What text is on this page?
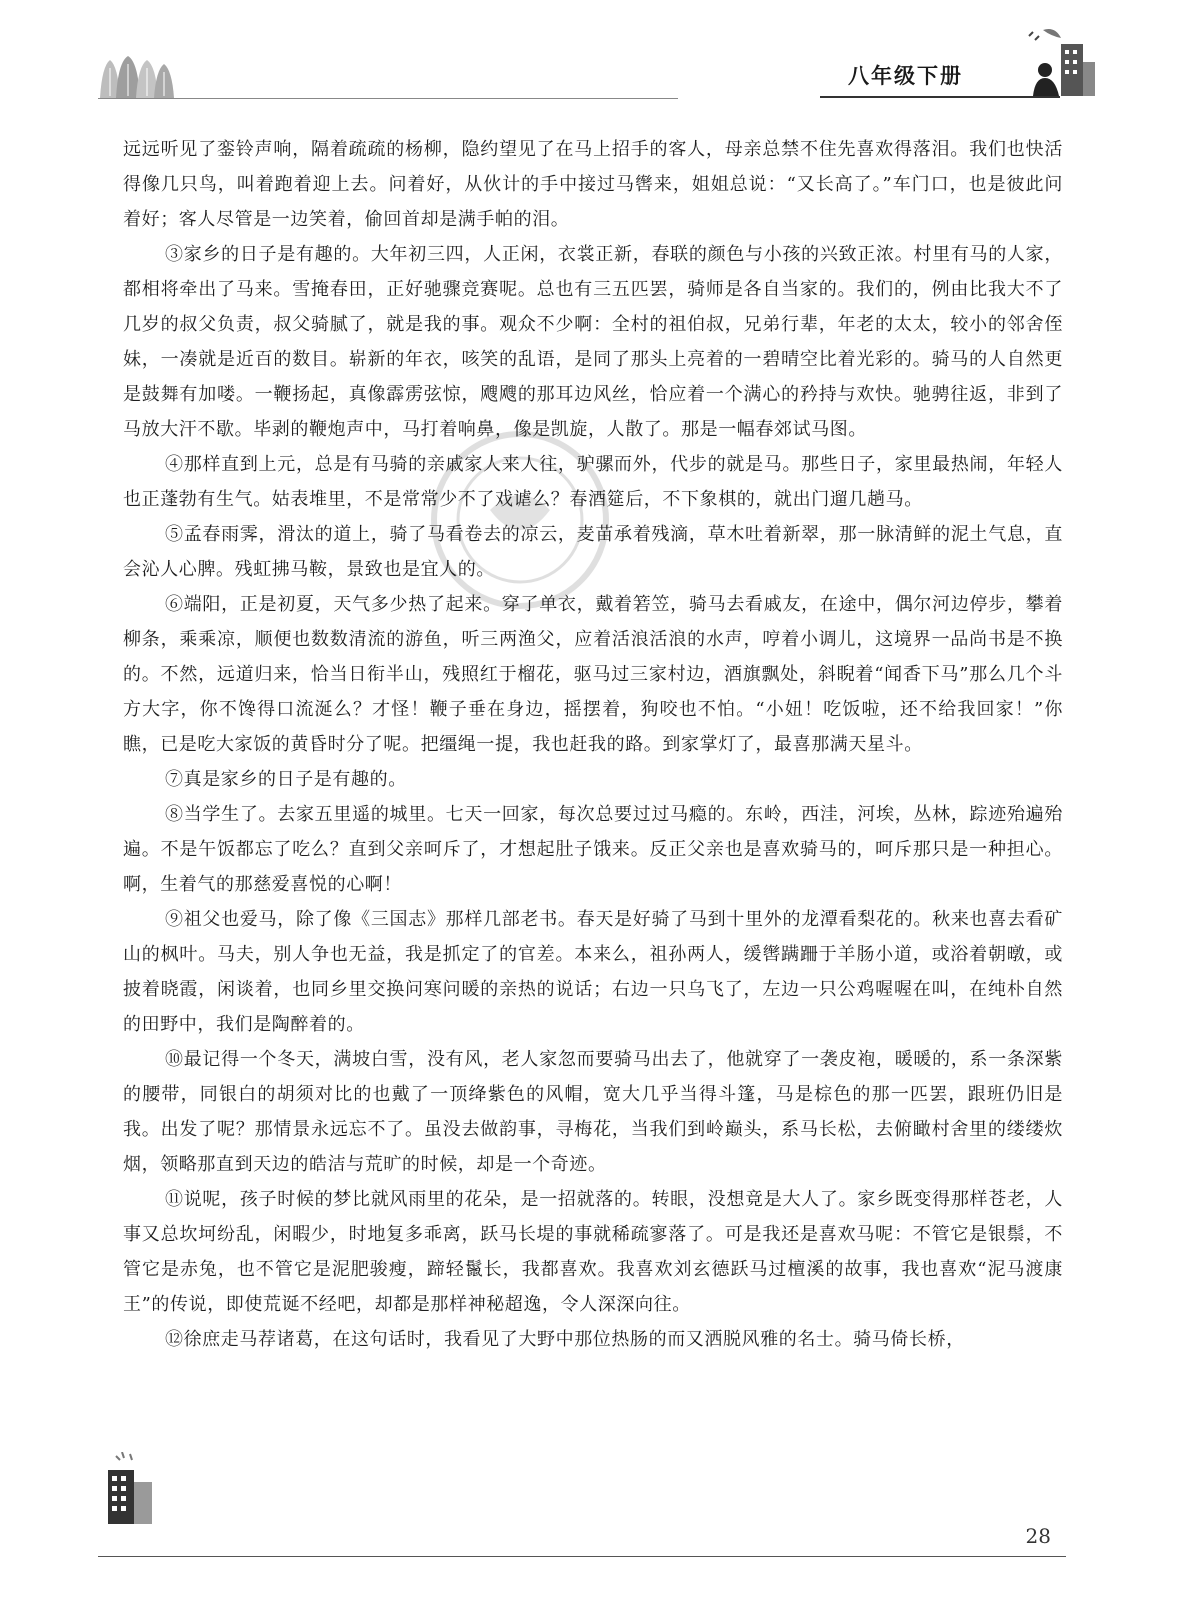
八年级下册

远远听见了銮铃声响，隔着疏疏的杨柳，隐约望见了在马上招手的客人，母亲总禁不住先喜欢得落泪。我们也快活得像几只鸟，叫着跑着迎上去。问着好，从伙计的手中接过马辔来，姐姐总说：“又长高了。”车门口，也是彼此问着好；客人尽管是一边笑着，偷回首却是满手帕的泪。

③家乡的日子是有趣的。大年初三四，人正闲，衣裳正新，春联的颜色与小孩的兴致正浓。村里有马的人家，都相将牵出了马来。雪掩春田，正好驰骤竞赛呢。总也有三五匹罢，骑师是各自当家的。我们的，例由比我大不了几岁的叔父负责，叔父骑腻了，就是我的事。观众不少啊：全村的祖伯叔，兄弟行辈，年老的太太，较小的邻舍侄妹，一凑就是近百的数目。崭新的年衣，咳笑的乱语，是同了那头上亮着的一碧晴空比着光彩的。骑马的人自然更是鼓舞有加喽。一鞭扬起，真像霹雳弦惊，飕飕的那耳边风丝，恰应着一个满心的矜持与欢快。驰骋往返，非到了马放大汗不歇。毕剥的鞭炮声中，马打着响鼻，像是凯旋，人散了。那是一幅春郊试马图。

④那样直到上元，总是有马骑的亲戚家人来人往，驴骡而外，代步的就是马。那些日子，家里最热闹，年轻人也正蓬勃有生气。姑表堆里，不是常常少不了戏谑么？春酒筵后，不下象棋的，就出门遛几趟马。

⑤孟春雨霁，滑汰的道上，骑了马看卷去的凉云，麦苗承着残滴，草木吐着新翠，那一脉清鲜的泥土气息，直会沁人心脾。残虹拂马鞍，景致也是宜人的。

⑥端阳，正是初夏，天气多少热了起来。穿了单衣，戴着箬笠，骑马去看戚友，在途中，偶尔河边停步，攀着柳条，乘乘凉，顺便也数数清流的游鱼，听三两渔父，应着活浪活浪的水声，哼着小调儿，这境界一品尚书是不换的。不然，远道归来，恰当日衔半山，残照红于榴花，驱马过三家村边，酒旗飘处，斜睨着“闻香下马”那么几个斗方大字，你不馋得口流涎么？才怪！鞭子垂在身边，摇摆着，狗咬也不怕。“小妞！吃饭啦，还不给我回家！”你瞧，已是吃大家饭的黄昏时分了呢。把缰绳一提，我也赶我的路。到家掌灯了，最喜那满天星斗。

⑦真是家乡的日子是有趣的。

⑧当学生了。去家五里遥的城里。七天一回家，每次总要过过马瘾的。东岭，西洼，河埃，丛林，踪迹殆遍殆遍。不是午饭都忘了吃么？直到父亲呵斥了，才想起肚子饿来。反正父亲也是喜欢骑马的，呵斥那只是一种担心。啊，生着气的那慈爱喜悦的心啊！

⑨祖父也爱马，除了像《三国志》那样几部老书。春天是好骑了马到十里外的龙潭看梨花的。秋来也喜去看矿山的枫叶。马夫，别人争也无益，我是抓定了的官差。本来么，祖孙两人，缓辔蹒跚于羊肠小道，或浴着朝暾，或披着晓霞，闲谈着，也同乡里交换问寒问暖的亲热的说话；右边一只乌飞了，左边一只公鸡喔喔在叫，在纯朴自然的田野中，我们是陶醉着的。

⑩最记得一个冬天，满坡白雪，没有风，老人家忽而要骑马出去了，他就穿了一袭皮袍，暖暖的，系一条深紫的腰带，同银白的胡须对比的也戴了一顶绛紫色的风帽，宽大几乎当得斗篷，马是棕色的那一匹罢，跟班仍旧是我。出发了呢？那情景永远忘不了。虽没去做韵事，寻梅花，当我们到岭巅头，系马长松，去俯瞰村舍里的缕缕炊烟，领略那直到天边的皓洁与荒旷的时候，却是一个奇迹。

⑪说呢，孩子时候的梦比就风雨里的花朵，是一招就落的。转眼，没想竟是大人了。家乡既变得那样苍老，人事又总坎坷纷乱，闲暇少，时地复多乖离，跃马长堤的事就稀疏寥落了。可是我还是喜欢马呢：不管它是银鬃，不管它是赤兔，也不管它是泥肥骏瘦，蹄轻鬣长，我都喜欢。我喜欢刘玄德跃马过檀溪的故事，我也喜欢“泥马渡康王”的传说，即使荒诞不经吧，却都是那样神秘超逸，令人深深向往。

⑫徐庶走马荐诸葛，在这句话时，我看见了大野中那位热肠的而又洒脱风雅的名士。骑马倚长桥，

28
